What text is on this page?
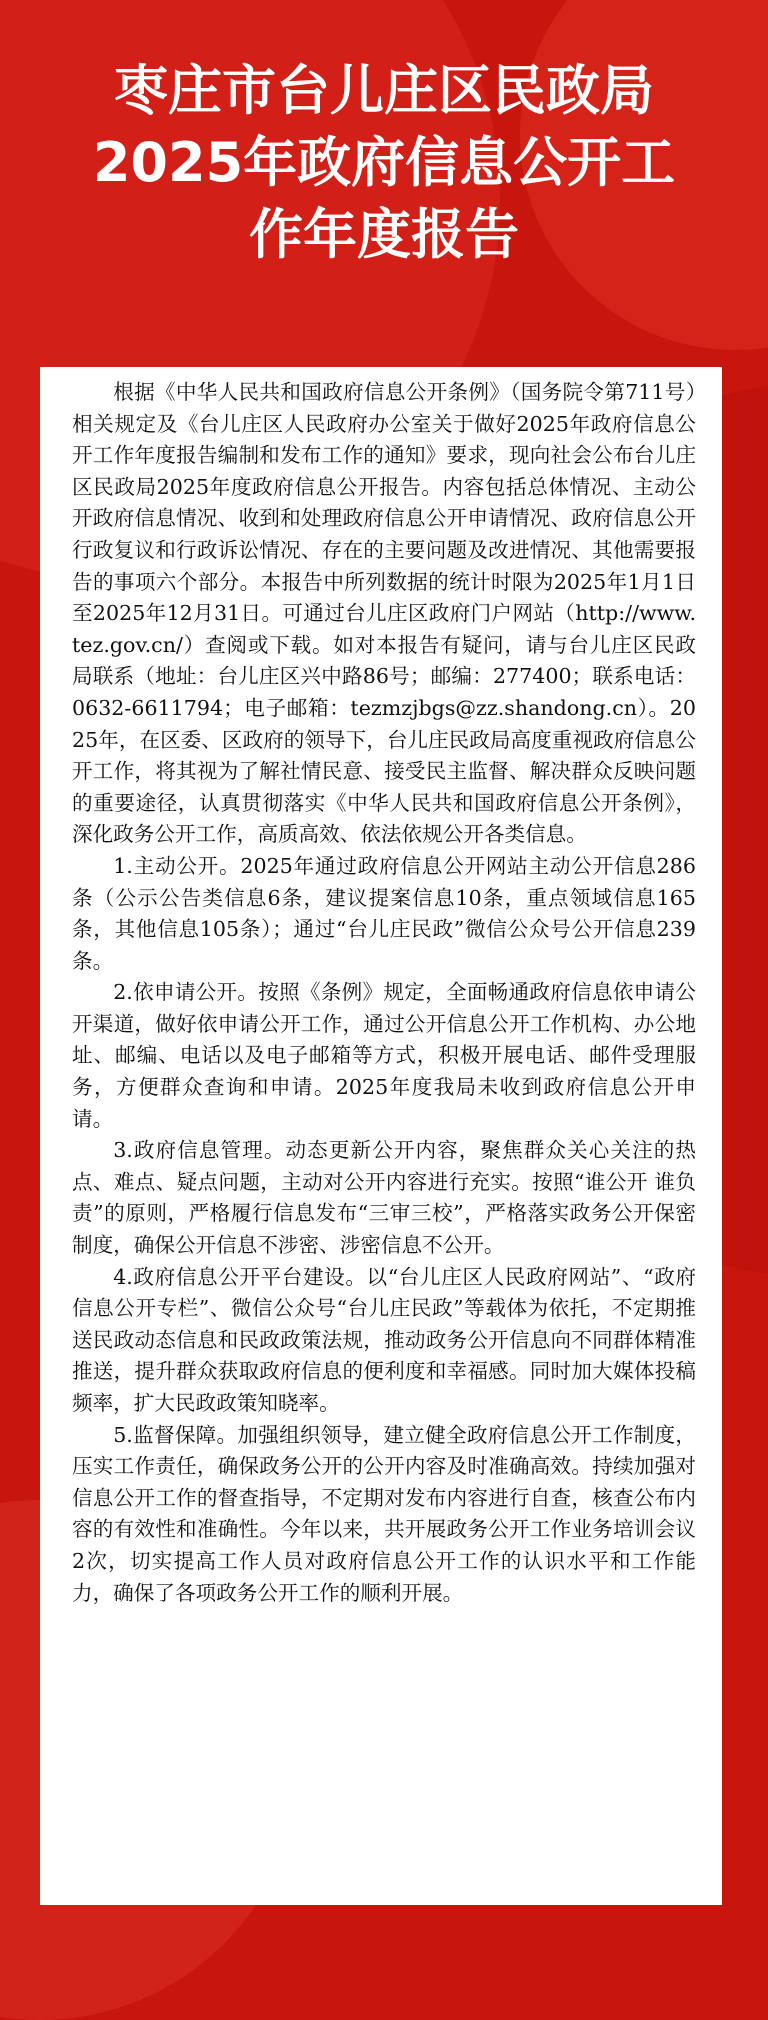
枣庄市台儿庄区民政局
2025年政府信息公开工
作年度报告

根据《中华人民共和国政府信息公开条例》（国务院令第711号）相关规定及《台儿庄区人民政府办公室关于做好2025年政府信息公开工作年度报告编制和发布工作的通知》要求，现向社会公布台儿庄区民政局2025年度政府信息公开报告。内容包括总体情况、主动公开政府信息情况、收到和处理政府信息公开申请情况、政府信息公开行政复议和行政诉讼情况、存在的主要问题及改进情况、其他需要报告的事项六个部分。本报告中所列数据的统计时限为2025年1月1日至2025年12月31日。可通过台儿庄区政府门户网站（http://www.tez.gov.cn/）查阅或下载。如对本报告有疑问，请与台儿庄区民政局联系（地址：台儿庄区兴中路86号；邮编：277400；联系电话：0632-6611794；电子邮箱：tezmzjbgs@zz.shandong.cn）。2025年，在区委、区政府的领导下，台儿庄民政局高度重视政府信息公开工作，将其视为了解社情民意、接受民主监督、解决群众反映问题的重要途径，认真贯彻落实《中华人民共和国政府信息公开条例》，深化政务公开工作，高质高效、依法依规公开各类信息。

1.主动公开。2025年通过政府信息公开网站主动公开信息286条（公示公告类信息6条，建议提案信息10条，重点领域信息165条，其他信息105条）；通过“台儿庄民政”微信公众号公开信息239条。

2.依申请公开。按照《条例》规定，全面畅通政府信息依申请公开渠道，做好依申请公开工作，通过公开信息公开工作机构、办公地址、邮编、电话以及电子邮箱等方式，积极开展电话、邮件受理服务，方便群众查询和申请。2025年度我局未收到政府信息公开申请。

3.政府信息管理。动态更新公开内容，聚焦群众关心关注的热点、难点、疑点问题，主动对公开内容进行充实。按照“谁公开 谁负责”的原则，严格履行信息发布“三审三校”，严格落实政务公开保密制度，确保公开信息不涉密、涉密信息不公开。

4.政府信息公开平台建设。以“台儿庄区人民政府网站”、“政府信息公开专栏”、微信公众号“台儿庄民政”等载体为依托，不定期推送民政动态信息和民政政策法规，推动政务公开信息向不同群体精准推送，提升群众获取政府信息的便利度和幸福感。同时加大媒体投稿频率，扩大民政政策知晓率。

5.监督保障。加强组织领导，建立健全政府信息公开工作制度，压实工作责任，确保政务公开的公开内容及时准确高效。持续加强对信息公开工作的督查指导，不定期对发布内容进行自查，核查公布内容的有效性和准确性。今年以来，共开展政务公开工作业务培训会议2次，切实提高工作人员对政府信息公开工作的认识水平和工作能力，确保了各项政务公开工作的顺利开展。
